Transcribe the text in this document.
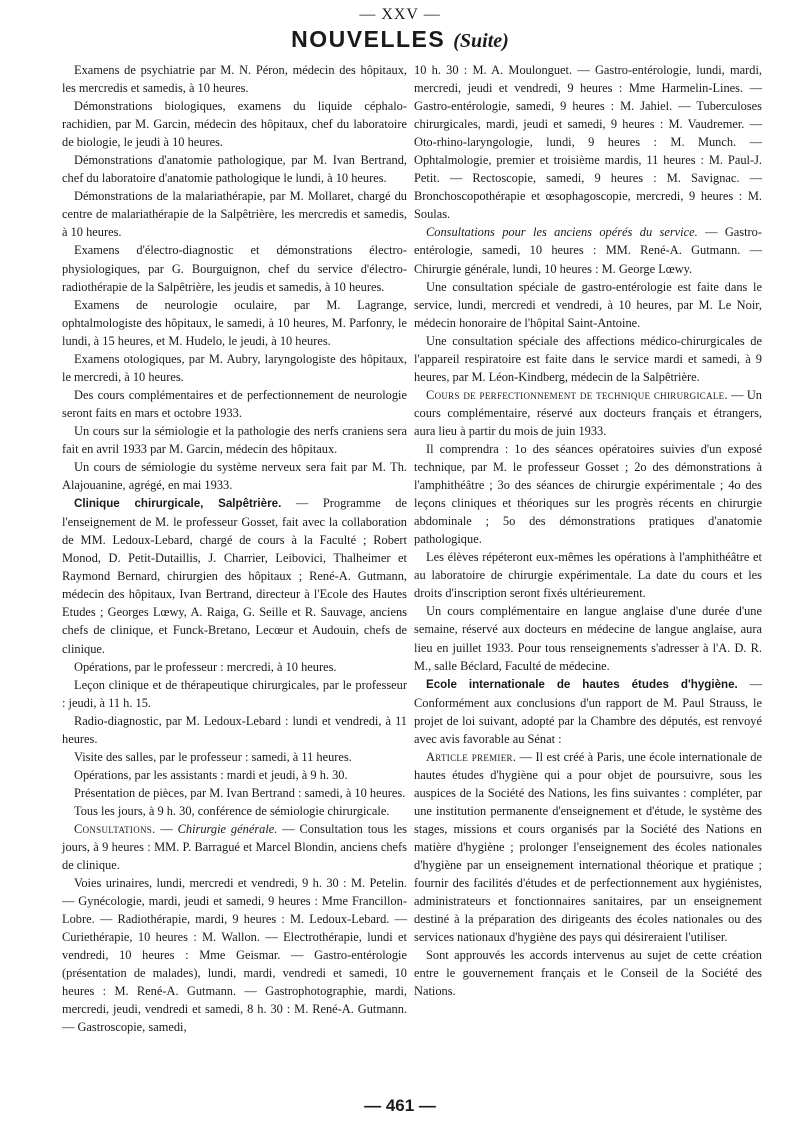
— XXV —
NOUVELLES (Suite)

Examens de psychiatrie par M. N. Péron, médecin des hôpitaux, les mercredis et samedis, à 10 heures.

Démonstrations biologiques, examens du liquide céphalo-rachidien, par M. Garcin, médecin des hôpitaux, chef du laboratoire de biologie, le jeudi à 10 heures.

Démonstrations d'anatomie pathologique, par M. Ivan Bertrand, chef du laboratoire d'anatomie pathologique le lundi, à 10 heures.

Démonstrations de la malariathérapie, par M. Mollaret, chargé du centre de malariathérapie de la Salpêtrière, les mercredis et samedis, à 10 heures.

Examens d'électro-diagnostic et démonstrations électro-physiologiques, par G. Bourguignon, chef du service d'électro-radiothérapie de la Salpêtrière, les jeudis et samedis, à 10 heures.

Examens de neurologie oculaire, par M. Lagrange, ophtalmologiste des hôpitaux, le samedi, à 10 heures, M. Parfonry, le lundi, à 15 heures, et M. Hudelo, le jeudi, à 10 heures.

Examens otologiques, par M. Aubry, laryngologiste des hôpitaux, le mercredi, à 10 heures.

Des cours complémentaires et de perfectionnement de neurologie seront faits en mars et octobre 1933.

Un cours sur la sémiologie et la pathologie des nerfs craniens sera fait en avril 1933 par M. Garcin, médecin des hôpitaux.

Un cours de sémiologie du système nerveux sera fait par M. Th. Alajouanine, agrégé, en mai 1933.

Clinique chirurgicale, Salpêtrière. — Programme de l'enseignement de M. le professeur Gosset, fait avec la collaboration de MM. Ledoux-Lebard, chargé de cours à la Faculté ; Robert Monod, D. Petit-Dutaillis, J. Charrier, Leibovici, Thalheimer et Raymond Bernard, chirurgien des hôpitaux ; René-A. Gutmann, médecin des hôpitaux, Ivan Bertrand, directeur à l'Ecole des Hautes Etudes ; Georges Lœwy, A. Raiga, G. Seille et R. Sauvage, anciens chefs de clinique, et Funck-Bretano, Lecœur et Audouin, chefs de clinique.

Opérations, par le professeur : mercredi, à 10 heures.

Leçon clinique et de thérapeutique chirurgicales, par le professeur : jeudi, à 11 h. 15.

Radio-diagnostic, par M. Ledoux-Lebard : lundi et vendredi, à 11 heures.

Visite des salles, par le professeur : samedi, à 11 heures.

Opérations, par les assistants : mardi et jeudi, à 9 h. 30.

Présentation de pièces, par M. Ivan Bertrand : samedi, à 10 heures.

Tous les jours, à 9 h. 30, conférence de sémiologie chirurgicale.

Consultations. — Chirurgie générale. — Consultation tous les jours, à 9 heures : MM. P. Barragué et Marcel Blondin, anciens chefs de clinique.

Voies urinaires, lundi, mercredi et vendredi, 9 h. 30 : M. Petelin. — Gynécologie, mardi, jeudi et samedi, 9 heures : Mme Francillon-Lobre. — Radiothérapie, mardi, 9 heures : M. Ledoux-Lebard. — Curiethérapie, 10 heures : M. Wallon. — Electrothérapie, lundi et vendredi, 10 heures : Mme Geismar. — Gastro-entérologie (présentation de malades), lundi, mardi, vendredi et samedi, 10 heures : M. René-A. Gutmann. — Gastrophotographie, mardi, mercredi, jeudi, vendredi et samedi, 8 h. 30 : M. René-A. Gutmann. — Gastroscopie, samedi,

10 h. 30 : M. A. Moulonguet. — Gastro-entérologie, lundi, mardi, mercredi, jeudi et vendredi, 9 heures : Mme Harmelin-Lines. — Gastro-entérologie, samedi, 9 heures : M. Jahiel. — Tuberculoses chirurgicales, mardi, jeudi et samedi, 9 heures : M. Vaudremer. — Oto-rhino-laryngologie, lundi, 9 heures : M. Munch. — Ophtalmologie, premier et troisième mardis, 11 heures : M. Paul-J. Petit. — Rectoscopie, samedi, 9 heures : M. Savignac. — Bronchoscopothérapie et œsophagoscopie, mercredi, 9 heures : M. Soulas.

Consultations pour les anciens opérés du service. — Gastro-entérologie, samedi, 10 heures : MM. René-A. Gutmann. — Chirurgie générale, lundi, 10 heures : M. George Lœwy.

Une consultation spéciale de gastro-entérologie est faite dans le service, lundi, mercredi et vendredi, à 10 heures, par M. Le Noir, médecin honoraire de l'hôpital Saint-Antoine.

Une consultation spéciale des affections médico-chirurgicales de l'appareil respiratoire est faite dans le service mardi et samedi, à 9 heures, par M. Léon-Kindberg, médecin de la Salpêtrière.

Cours de perfectionnement de technique chirurgicale. — Un cours complémentaire, réservé aux docteurs français et étrangers, aura lieu à partir du mois de juin 1933.

Il comprendra : 1o des séances opératoires suivies d'un exposé technique, par M. le professeur Gosset ; 2o des démonstrations à l'amphithéâtre ; 3o des séances de chirurgie expérimentale ; 4o des leçons cliniques et théoriques sur les progrès récents en chirurgie abdominale ; 5o des démonstrations pratiques d'anatomie pathologique.

Les élèves répéteront eux-mêmes les opérations à l'amphithéâtre et au laboratoire de chirurgie expérimentale. La date du cours et les droits d'inscription seront fixés ultérieurement.

Un cours complémentaire en langue anglaise d'une durée d'une semaine, réservé aux docteurs en médecine de langue anglaise, aura lieu en juillet 1933. Pour tous renseignements s'adresser à l'A. D. R. M., salle Béclard, Faculté de médecine.

Ecole internationale de hautes études d'hygiène. — Conformément aux conclusions d'un rapport de M. Paul Strauss, le projet de loi suivant, adopté par la Chambre des députés, est renvoyé avec avis favorable au Sénat :

Article premier. — Il est créé à Paris, une école internationale de hautes études d'hygiène qui a pour objet de poursuivre, sous les auspices de la Société des Nations, les fins suivantes : compléter, par une institution permanente d'enseignement et d'étude, le système des stages, missions et cours organisés par la Société des Nations en matière d'hygiène ; prolonger l'enseignement des écoles nationales d'hygiène par un enseignement international théorique et pratique ; fournir des facilités d'études et de perfectionnement aux hygiénistes, administrateurs et fonctionnaires sanitaires, par un enseignement destiné à la préparation des dirigeants des écoles nationales ou des services nationaux d'hygiène des pays qui désireraient l'utiliser.

Sont approuvés les accords intervenus au sujet de cette création entre le gouvernement français et le Conseil de la Société des Nations.

— 461 —
